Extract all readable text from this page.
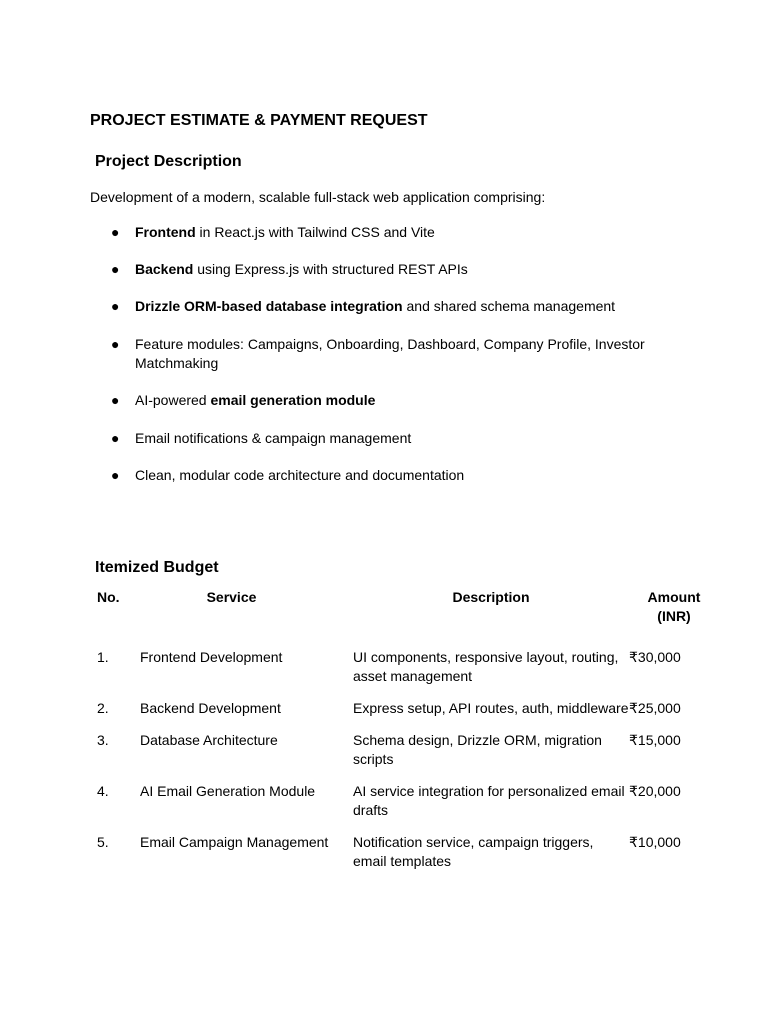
PROJECT ESTIMATE & PAYMENT REQUEST
Project Description

Development of a modern, scalable full-stack web application comprising:

● Frontend in React.js with Tailwind CSS and Vite
● Backend using Express.js with structured REST APIs
● Drizzle ORM-based database integration and shared schema management
● Feature modules: Campaigns, Onboarding, Dashboard, Company Profile, Investor Matchmaking
● AI-powered email generation module
● Email notifications & campaign management
● Clean, modular code architecture and documentation
Itemized Budget
No.	Service	Description	Amount (INR)
1.	Frontend Development	UI components, responsive layout, routing, asset management	₹30,000
2.	Backend Development	Express setup, API routes, auth, middleware	₹25,000
3.	Database Architecture	Schema design, Drizzle ORM, migration scripts	₹15,000
4.	AI Email Generation Module	AI service integration for personalized email drafts	₹20,000
5.	Email Campaign Management	Notification service, campaign triggers, email templates	₹10,000
